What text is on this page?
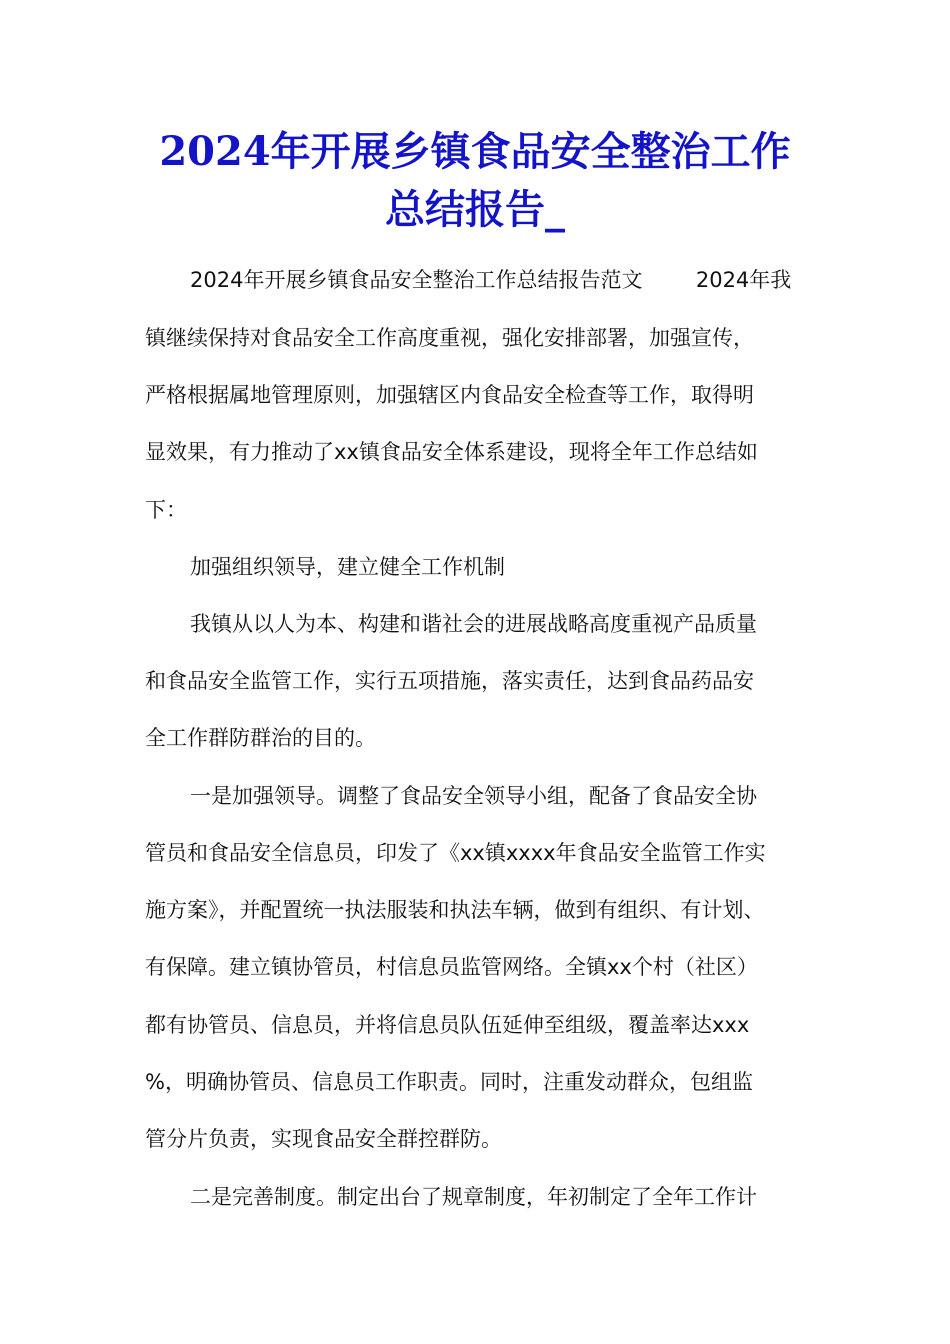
2024年开展乡镇食品安全整治工作
总结报告_
2024年开展乡镇食品安全整治工作总结报告范文        2024年我
镇继续保持对食品安全工作高度重视，强化安排部署，加强宣传，
严格根据属地管理原则，加强辖区内食品安全检查等工作，取得明
显效果，有力推动了xx镇食品安全体系建设，现将全年工作总结如
下：
加强组织领导，建立健全工作机制
我镇从以人为本、构建和谐社会的进展战略高度重视产品质量
和食品安全监管工作，实行五项措施，落实责任，达到食品药品安
全工作群防群治的目的。
一是加强领导。调整了食品安全领导小组，配备了食品安全协
管员和食品安全信息员，印发了《xx镇xxxx年食品安全监管工作实
施方案》，并配置统一执法服装和执法车辆，做到有组织、有计划、
有保障。建立镇协管员，村信息员监管网络。全镇xx个村（社区）
都有协管员、信息员，并将信息员队伍延伸至组级，覆盖率达xxx
%，明确协管员、信息员工作职责。同时，注重发动群众，包组监
管分片负责，实现食品安全群控群防。
二是完善制度。制定出台了规章制度，年初制定了全年工作计
